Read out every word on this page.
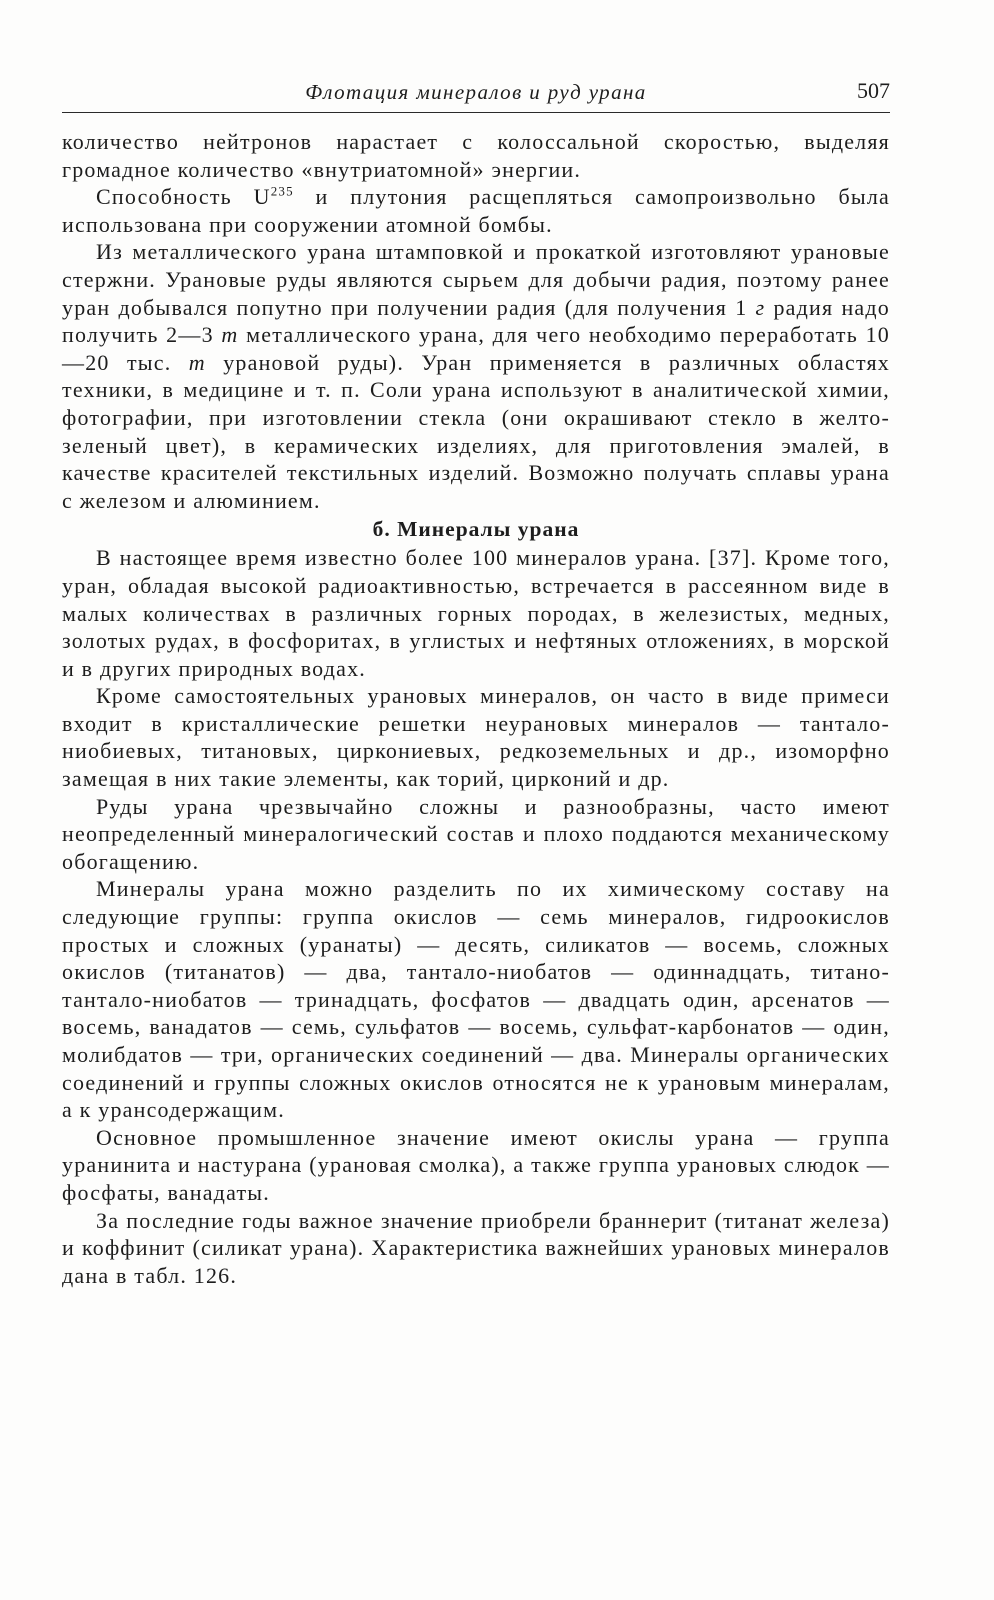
Флотация минералов и руд урана	507

количество нейтронов нарастает с колоссальной скоростью, выделяя громадное количество «внутриатомной» энергии.

Способность $U^{235}$ и плутония расщепляться самопроизвольно была использована при сооружении атомной бомбы.

Из металлического урана штамповкой и прокаткой изготовляют урановые стержни. Урановые руды являются сырьем для добычи радия, поэтому ранее уран добывался попутно при получении радия (для получения 1 г радия надо получить 2—3 т металлического урана, для чего необходимо переработать 10—20 тыс. т урановой руды). Уран применяется в различных областях техники, в медицине и т. п. Соли урана используют в аналитической химии, фотографии, при изготовлении стекла (они окрашивают стекло в желто-зеленый цвет), в керамических изделиях, для приготовления эмалей, в качестве красителей текстильных изделий. Возможно получать сплавы урана с железом и алюминием.

б. Минералы урана

В настоящее время известно более 100 минералов урана. [37]. Кроме того, уран, обладая высокой радиоактивностью, встречается в рассеянном виде в малых количествах в различных горных породах, в железистых, медных, золотых рудах, в фосфоритах, в углистых и нефтяных отложениях, в морской и в других природных водах.

Кроме самостоятельных урановых минералов, он часто в виде примеси входит в кристаллические решетки неурановых минералов — тантало-ниобиевых, титановых, циркониевых, редкоземельных и др., изоморфно замещая в них такие элементы, как торий, цирконий и др.

Руды урана чрезвычайно сложны и разнообразны, часто имеют неопределенный минералогический состав и плохо поддаются механическому обогащению.

Минералы урана можно разделить по их химическому составу на следующие группы: группа окислов — семь минералов, гидроокислов простых и сложных (уранаты) — десять, силикатов — восемь, сложных окислов (титанатов) — два, тантало-ниобатов — одиннадцать, титано-тантало-ниобатов — тринадцать, фосфатов — двадцать один, арсенатов — восемь, ванадатов — семь, сульфатов — восемь, сульфат-карбонатов — один, молибдатов — три, органических соединений — два. Минералы органических соединений и группы сложных окислов относятся не к урановым минералам, а к урансодержащим.

Основное промышленное значение имеют окислы урана — группа уранинита и настурана (урановая смолка), а также группа урановых слюдок — фосфаты, ванадаты.

За последние годы важное значение приобрели браннерит (титанат железа) и коффинит (силикат урана). Характеристика важнейших урановых минералов дана в табл. 126.
